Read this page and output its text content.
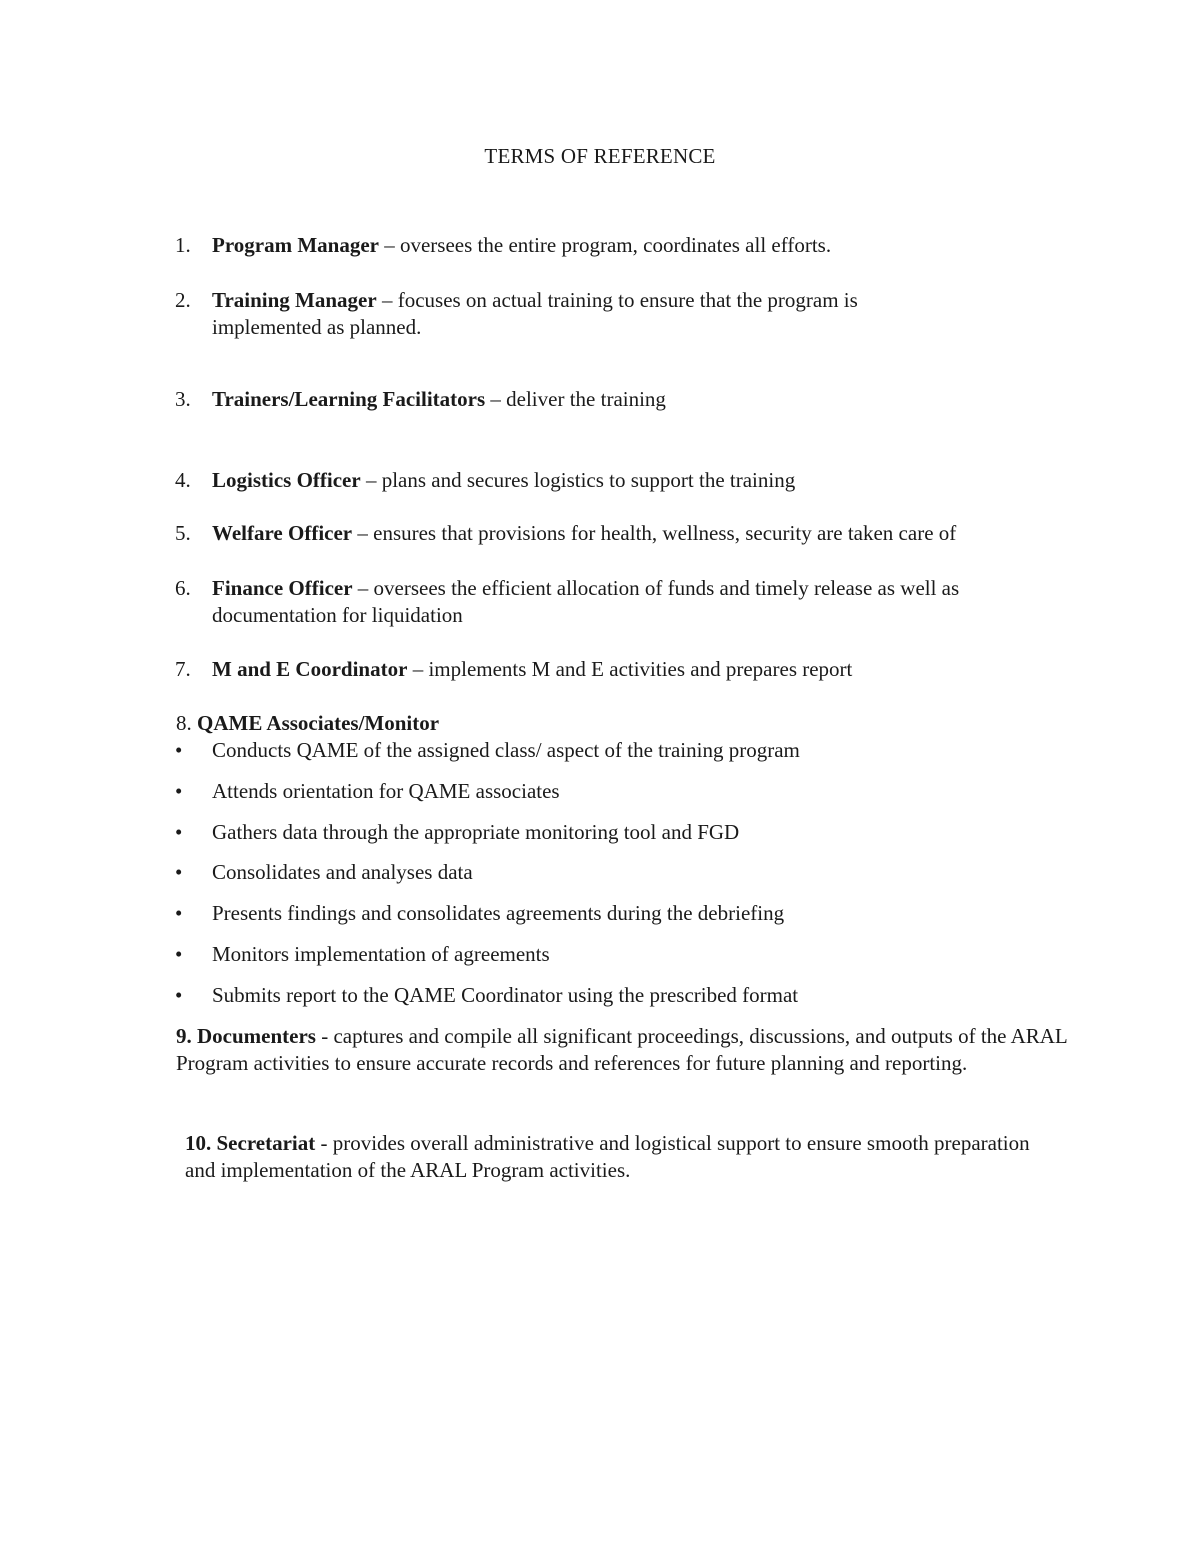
TERMS OF REFERENCE
1. Program Manager – oversees the entire program, coordinates all efforts.
2. Training Manager – focuses on actual training to ensure that the program is implemented as planned.
3. Trainers/Learning Facilitators – deliver the training
4. Logistics Officer – plans and secures logistics to support the training
5. Welfare Officer – ensures that provisions for health, wellness, security are taken care of
6. Finance Officer – oversees the efficient allocation of funds and timely release as well as documentation for liquidation
7. M and E Coordinator – implements M and E activities and prepares report
8. QAME Associates/Monitor
• Conducts QAME of the assigned class/ aspect of the training program
• Attends orientation for QAME associates
• Gathers data through the appropriate monitoring tool and FGD
• Consolidates and analyses data
• Presents findings and consolidates agreements during the debriefing
• Monitors implementation of agreements
• Submits report to the QAME Coordinator using the prescribed format
9. Documenters - captures and compile all significant proceedings, discussions, and outputs of the ARAL Program activities to ensure accurate records and references for future planning and reporting.
10. Secretariat - provides overall administrative and logistical support to ensure smooth preparation and implementation of the ARAL Program activities.
